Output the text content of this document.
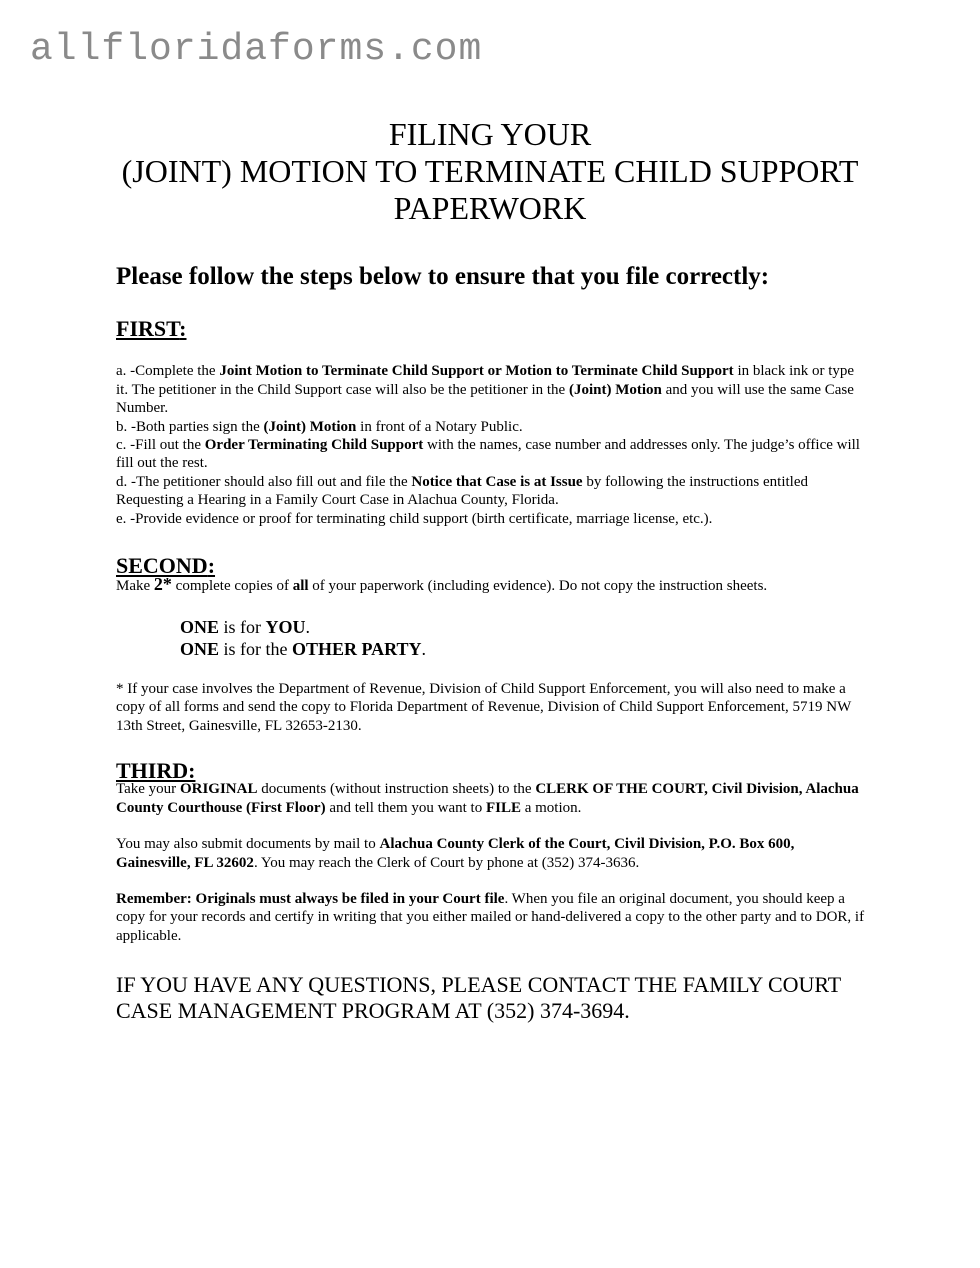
allfloridaforms.com
FILING YOUR
(JOINT) MOTION TO TERMINATE CHILD SUPPORT
PAPERWORK
Please follow the steps below to ensure that you file correctly:
FIRST:

a. -Complete the Joint Motion to Terminate Child Support or Motion to Terminate Child Support in black ink or type it. The petitioner in the Child Support case will also be the petitioner in the (Joint) Motion and you will use the same Case Number.

b. -Both parties sign the (Joint) Motion in front of a Notary Public.

c. -Fill out the Order Terminating Child Support with the names, case number and addresses only. The judge’s office will fill out the rest.

d. -The petitioner should also fill out and file the Notice that Case is at Issue by following the instructions entitled Requesting a Hearing in a Family Court Case in Alachua County, Florida.

e. -Provide evidence or proof for terminating child support (birth certificate, marriage license, etc.).

SECOND:

Make 2* complete copies of all of your paperwork (including evidence). Do not copy the instruction sheets.

ONE is for YOU.

ONE is for the OTHER PARTY.

* If your case involves the Department of Revenue, Division of Child Support Enforcement, you will also need to make a copy of all forms and send the copy to Florida Department of Revenue, Division of Child Support Enforcement, 5719 NW 13th Street, Gainesville, FL 32653-2130.

THIRD:

Take your ORIGINAL documents (without instruction sheets) to the CLERK OF THE COURT, Civil Division, Alachua County Courthouse (First Floor) and tell them you want to FILE a motion.

You may also submit documents by mail to Alachua County Clerk of the Court, Civil Division, P.O. Box 600, Gainesville, FL 32602. You may reach the Clerk of Court by phone at (352) 374-3636.

Remember: Originals must always be filed in your Court file. When you file an original document, you should keep a copy for your records and certify in writing that you either mailed or hand-delivered a copy to the other party and to DOR, if applicable.

IF YOU HAVE ANY QUESTIONS, PLEASE CONTACT THE FAMILY COURT CASE MANAGEMENT PROGRAM AT (352) 374-3694.
